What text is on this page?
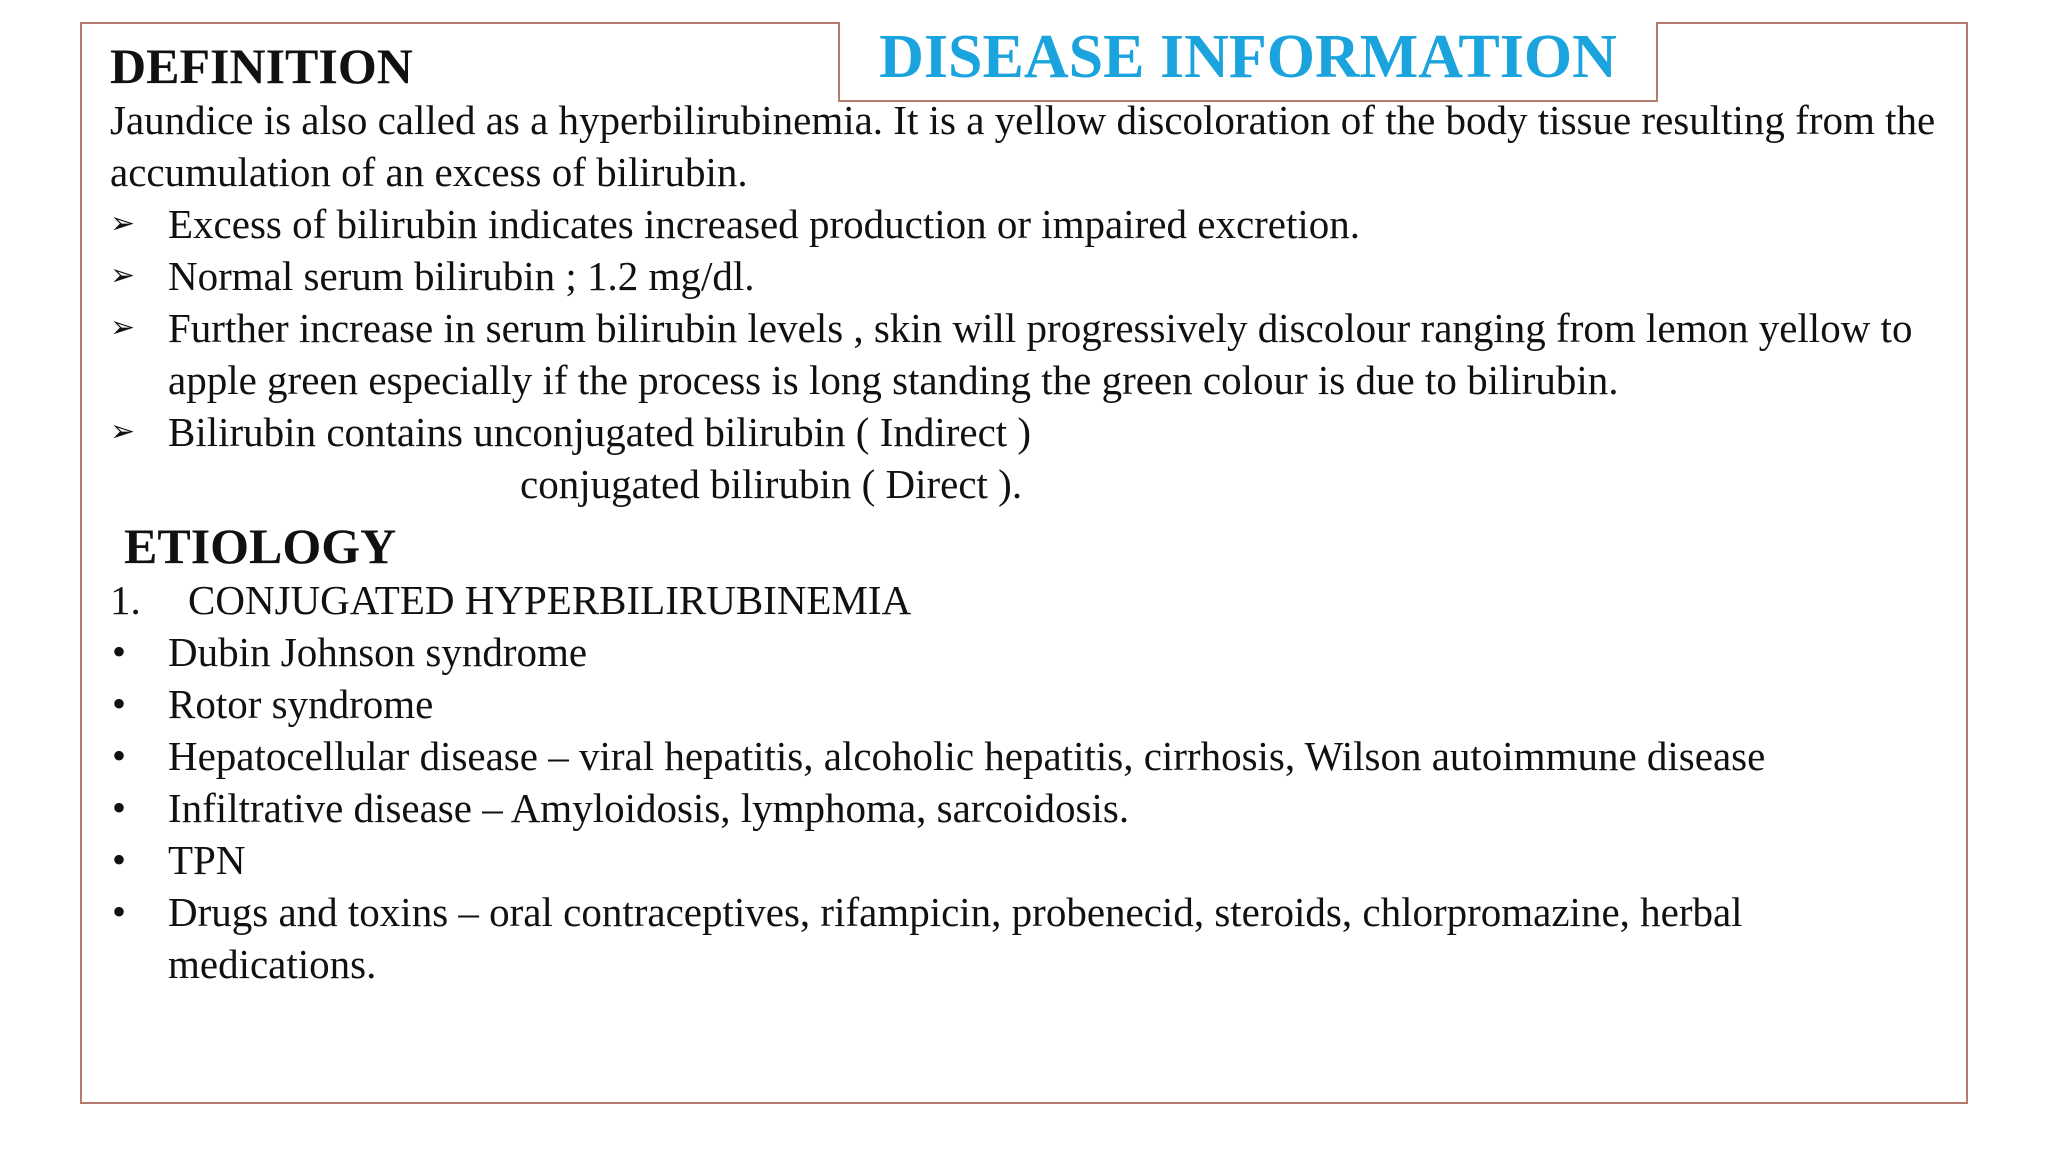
DISEASE INFORMATION
DEFINITION

Jaundice is also called as a hyperbilirubinemia. It is a yellow discoloration of the body tissue resulting from the accumulation of an excess of bilirubin.

➢ Excess of bilirubin indicates increased production or impaired excretion.
➢ Normal serum bilirubin ; 1.2 mg/dl.
➢ Further increase in serum bilirubin levels , skin will progressively discolour ranging from lemon yellow to apple green especially if the process is long standing the green colour is due to bilirubin.
➢ Bilirubin contains unconjugated bilirubin ( Indirect )
conjugated bilirubin ( Direct ).
ETIOLOGY

1. CONJUGATED HYPERBILIRUBINEMIA

•	Dubin Johnson syndrome
•	Rotor syndrome
•	Hepatocellular disease – viral hepatitis, alcoholic hepatitis, cirrhosis, Wilson autoimmune disease
•	Infiltrative disease – Amyloidosis, lymphoma, sarcoidosis.
•	TPN
•	Drugs and toxins – oral contraceptives, rifampicin, probenecid, steroids, chlorpromazine, herbal medications.
